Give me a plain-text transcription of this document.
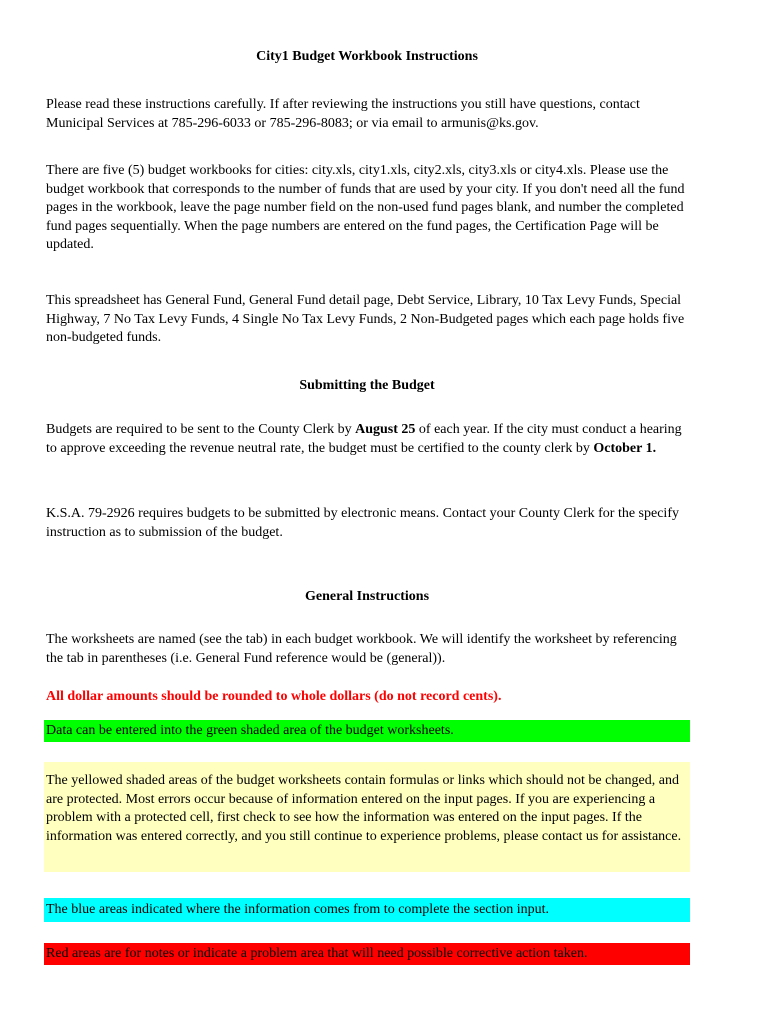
City1 Budget Workbook Instructions

Please read these instructions carefully. If after reviewing the instructions you still have questions, contact Municipal Services at 785-296-6033 or 785-296-8083; or via email to armunis@ks.gov.

There are five (5) budget workbooks for cities: city.xls, city1.xls, city2.xls, city3.xls or city4.xls. Please use the budget workbook that corresponds to the number of funds that are used by your city. If you don't need all the fund pages in the workbook, leave the page number field on the non-used fund pages blank, and number the completed fund pages sequentially. When the page numbers are entered on the fund pages, the Certification Page will be updated.

This spreadsheet has General Fund, General Fund detail page, Debt Service, Library, 10 Tax Levy Funds, Special Highway, 7 No Tax Levy Funds, 4 Single No Tax Levy Funds, 2 Non-Budgeted pages which each page holds five non-budgeted funds.

Submitting the Budget

Budgets are required to be sent to the County Clerk by August 25 of each year. If the city must conduct a hearing to approve exceeding the revenue neutral rate, the budget must be certified to the county clerk by October 1.

K.S.A. 79-2926 requires budgets to be submitted by electronic means. Contact your County Clerk for the specify instruction as to submission of the budget.

General Instructions

The worksheets are named (see the tab) in each budget workbook. We will identify the worksheet by referencing the tab in parentheses (i.e. General Fund reference would be (general)).

All dollar amounts should be rounded to whole dollars (do not record cents).

Data can be entered into the green shaded area of the budget worksheets.
The yellowed shaded areas of the budget worksheets contain formulas or links which should not be changed, and are protected. Most errors occur because of information entered on the input pages. If you are experiencing a problem with a protected cell, first check to see how the information was entered on the input pages. If the information was entered correctly, and you still continue to experience problems, please contact us for assistance.
The blue areas indicated where the information comes from to complete the section input.
Red areas are for notes or indicate a problem area that will need possible corrective action taken.
